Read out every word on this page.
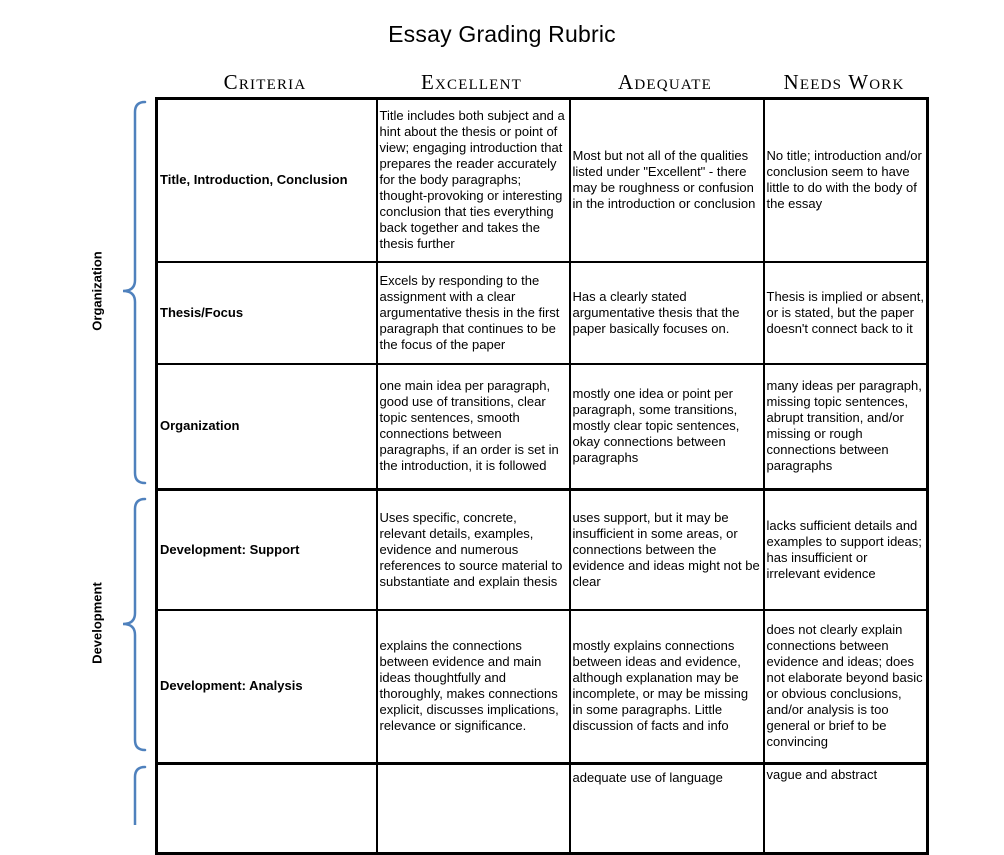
Essay Grading Rubric
Criteria	Excellent	Adequate	Needs Work
Organization
Development
Title, Introduction, Conclusion	Title includes both subject and a hint about the thesis or point of view; engaging introduction that prepares the reader accurately for the body paragraphs; thought-provoking or interesting conclusion that ties everything back together and takes the thesis further	Most but not all of the qualities listed under "Excellent" - there may be roughness or confusion in the introduction or conclusion	No title; introduction and/or conclusion seem to have little to do with the body of the essay
Thesis/Focus	Excels by responding to the assignment with a clear argumentative thesis in the first paragraph that continues to be the focus of the paper	Has a clearly stated argumentative thesis that the paper basically focuses on.	Thesis is implied or absent, or is stated, but the paper doesn't connect back to it
Organization	one main idea per paragraph, good use of transitions, clear topic sentences, smooth connections between paragraphs, if an order is set in the introduction, it is followed	mostly one idea or point per paragraph, some transitions, mostly clear topic sentences, okay connections between paragraphs	many ideas per paragraph, missing topic sentences, abrupt transition, and/or missing or rough connections between paragraphs
Development: Support	Uses specific, concrete, relevant details, examples, evidence and numerous references to source material to substantiate and explain thesis	uses support, but it may be insufficient in some areas, or connections between the evidence and ideas might not be clear	lacks sufficient details and examples to support ideas; has insufficient or irrelevant evidence
Development: Analysis	explains the connections between evidence and main ideas thoughtfully and thoroughly, makes connections explicit, discusses implications, relevance or significance.	mostly explains connections between ideas and evidence, although explanation may be incomplete, or may be missing in some paragraphs. Little discussion of facts and info	does not clearly explain connections between evidence and ideas; does not elaborate beyond basic or obvious conclusions, and/or analysis is too general or brief to be convincing
		adequate use of language	vague and abstract
